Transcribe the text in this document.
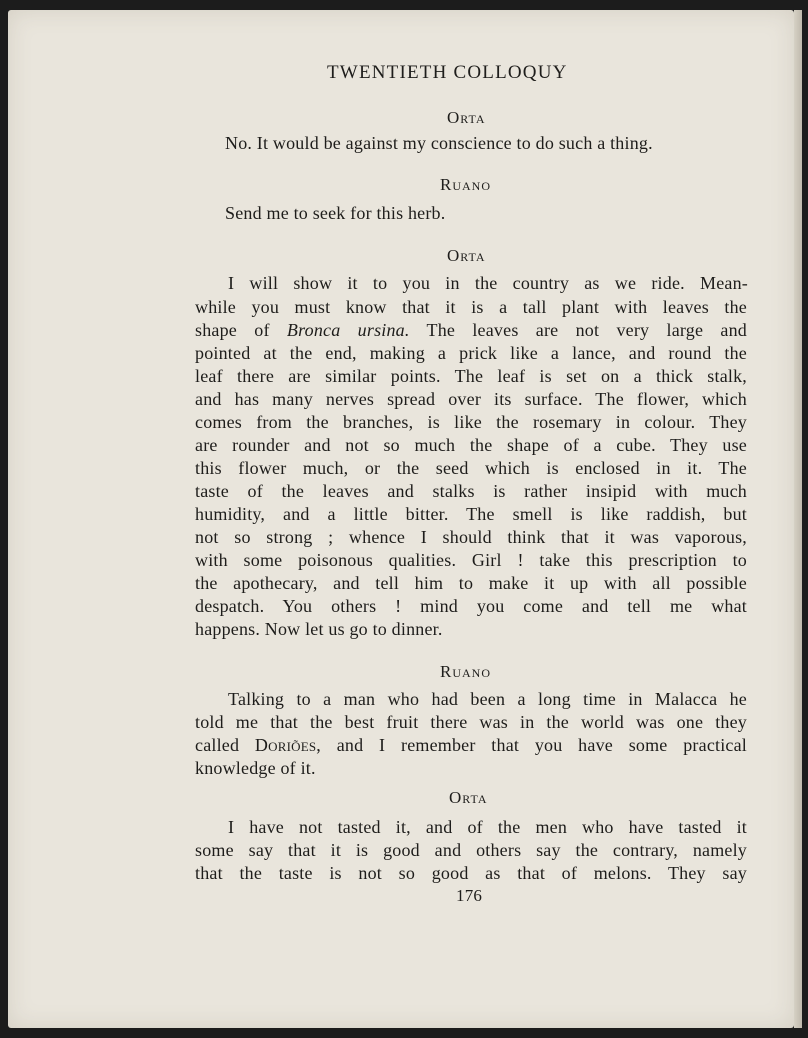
TWENTIETH COLLOQUY
Orta
No. It would be against my conscience to do such a thing.
Ruano
Send me to seek for this herb.
Orta
I will show it to you in the country as we ride. Mean-
while you must know that it is a tall plant with leaves the
shape of Bronca ursina. The leaves are not very large and
pointed at the end, making a prick like a lance, and round the
leaf there are similar points. The leaf is set on a thick stalk,
and has many nerves spread over its surface. The flower, which
comes from the branches, is like the rosemary in colour. They
are rounder and not so much the shape of a cube. They use
this flower much, or the seed which is enclosed in it. The
taste of the leaves and stalks is rather insipid with much
humidity, and a little bitter. The smell is like raddish, but
not so strong ; whence I should think that it was vaporous,
with some poisonous qualities. Girl ! take this prescription to
the apothecary, and tell him to make it up with all possible
despatch. You others ! mind you come and tell me what
happens. Now let us go to dinner.
Ruano
Talking to a man who had been a long time in Malacca he
told me that the best fruit there was in the world was one they
called Doriões, and I remember that you have some practical
knowledge of it.
Orta
I have not tasted it, and of the men who have tasted it
some say that it is good and others say the contrary, namely
that the taste is not so good as that of melons. They say
176
